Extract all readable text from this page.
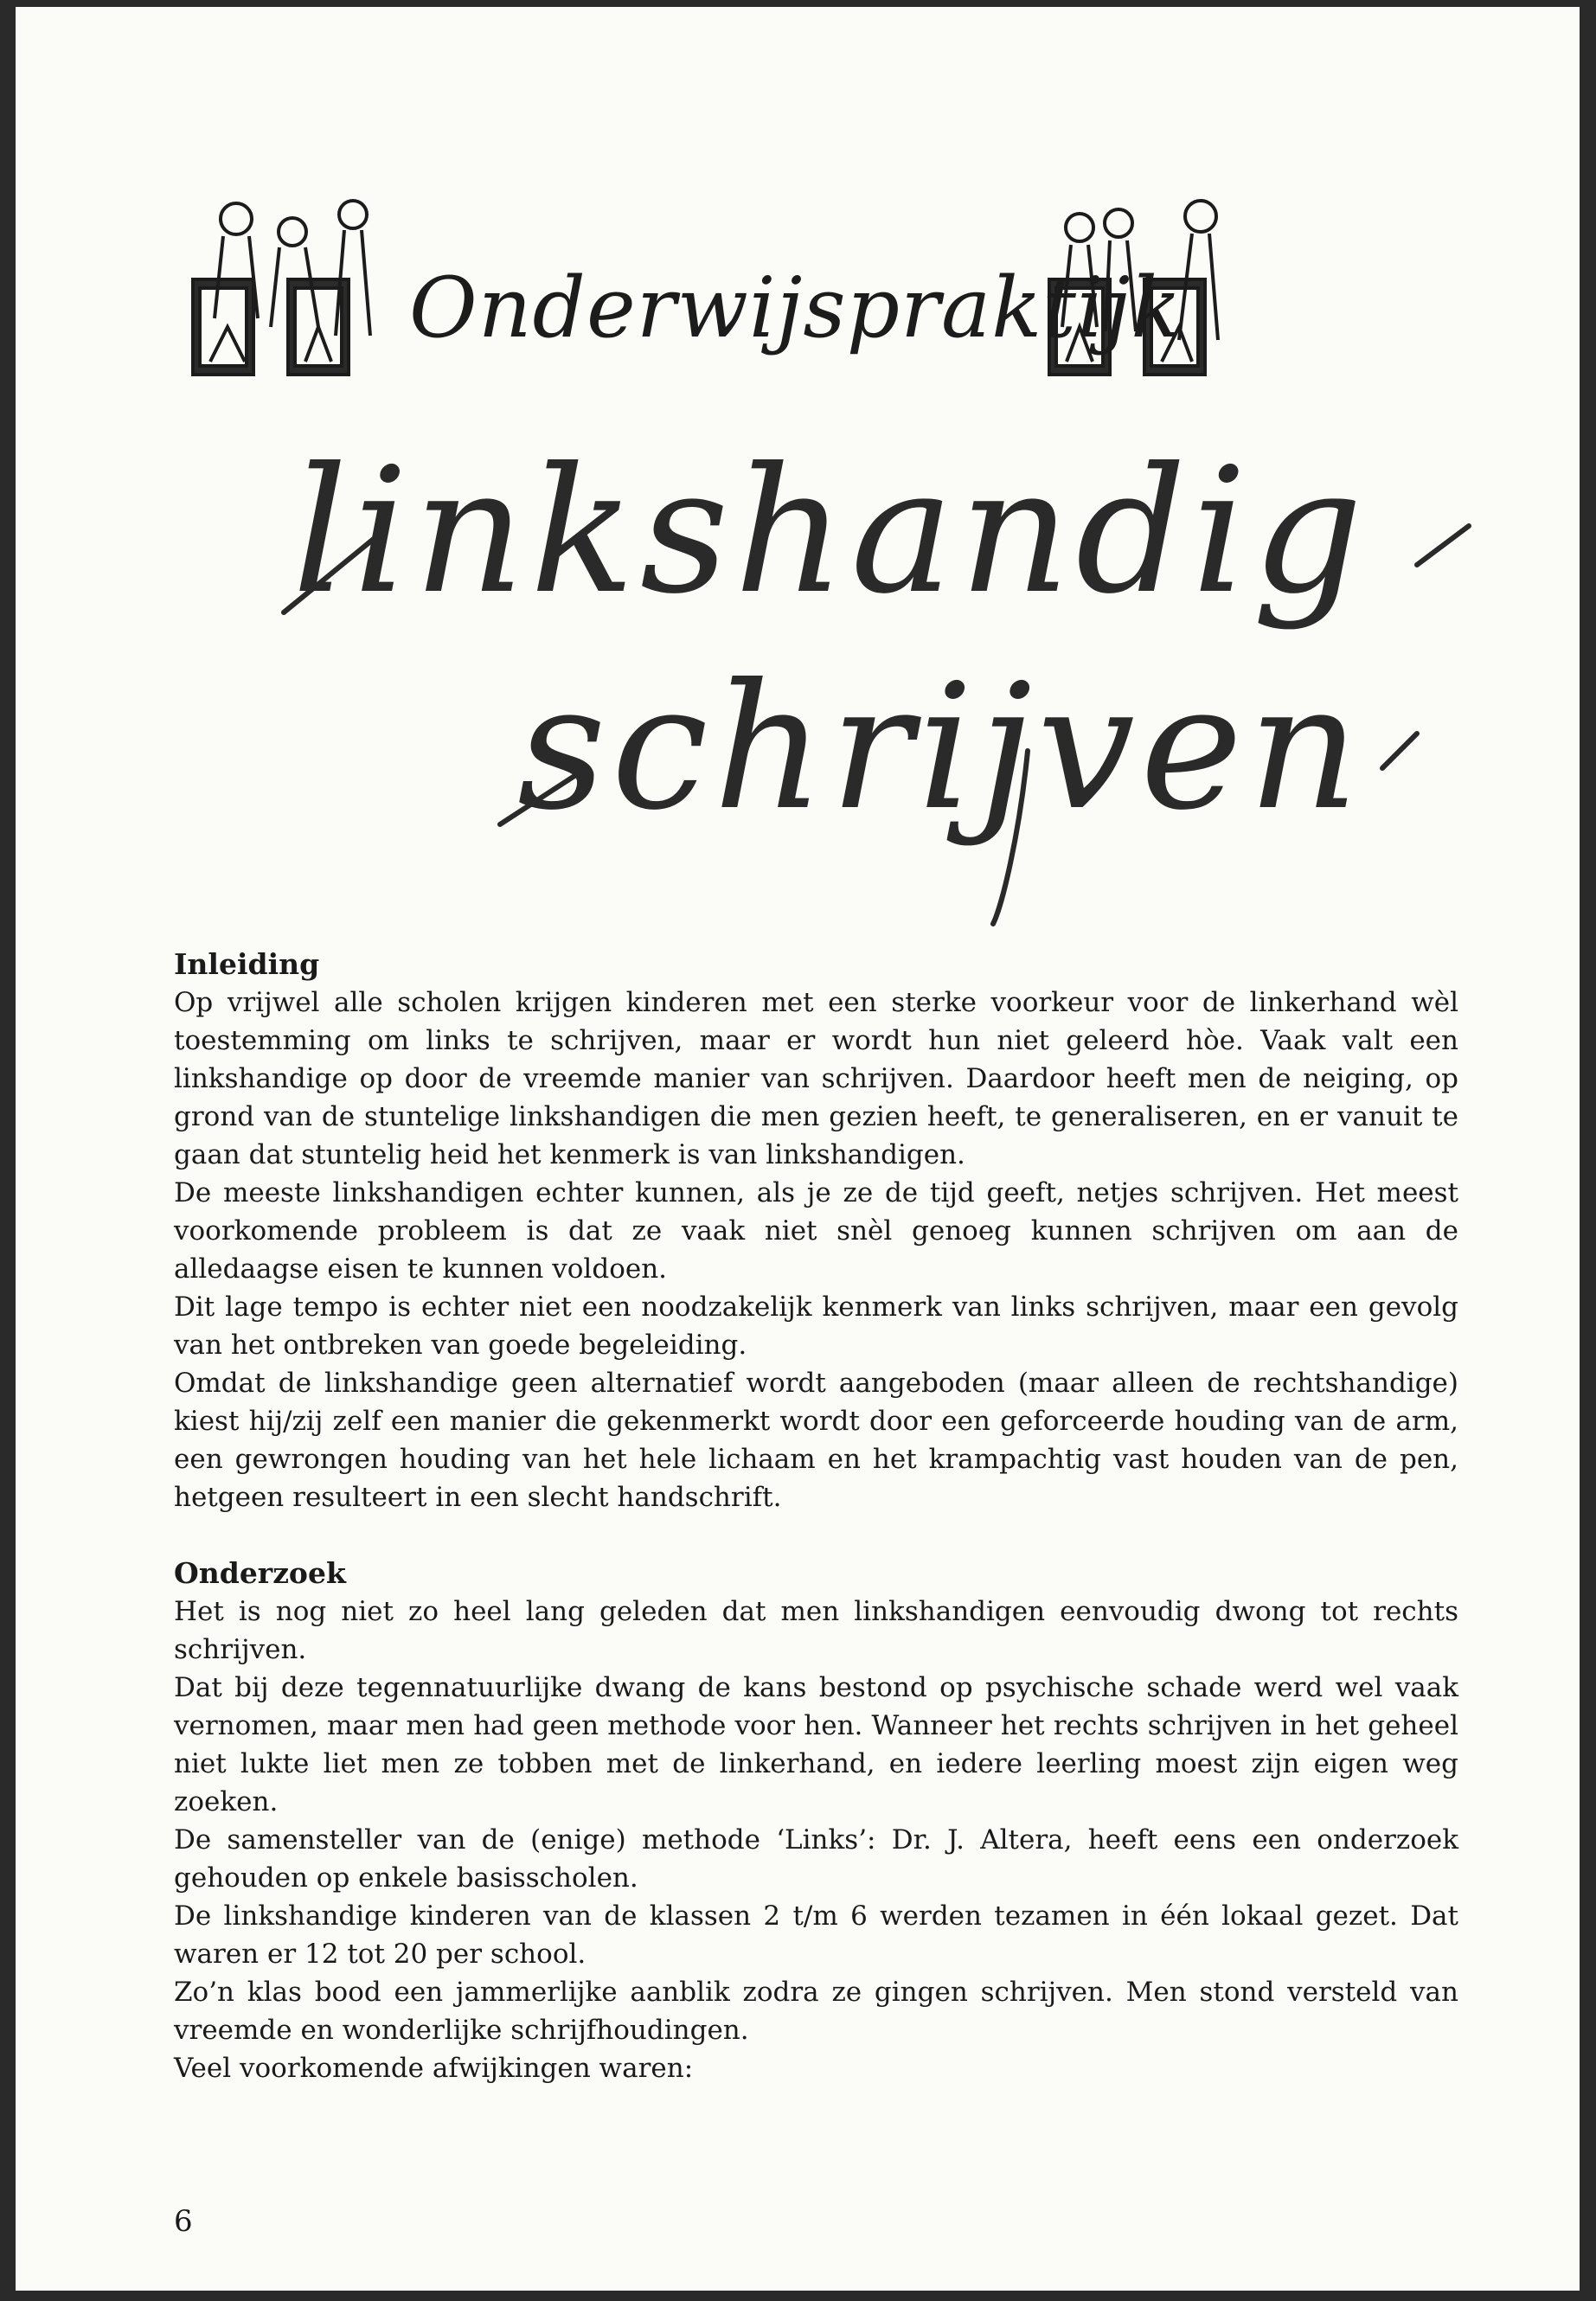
Onderwijspraktijk
linkshandig
schrijven

Inleiding

Op vrijwel alle scholen krijgen kinderen met een sterke voorkeur voor de linkerhand wèl toestemming om links te schrijven, maar er wordt hun niet geleerd hòe. Vaak valt een linkshandige op door de vreemde manier van schrijven. Daardoor heeft men de neiging, op grond van de stuntelige linkshandigen die men gezien heeft, te generaliseren, en er vanuit te gaan dat stuntelig heid het kenmerk is van linkshandigen.

De meeste linkshandigen echter kunnen, als je ze de tijd geeft, netjes schrijven. Het meest voorkomende probleem is dat ze vaak niet snèl genoeg kunnen schrijven om aan de alledaagse eisen te kunnen voldoen.

Dit lage tempo is echter niet een noodzakelijk kenmerk van links schrijven, maar een gevolg van het ontbreken van goede begeleiding.

Omdat de linkshandige geen alternatief wordt aangeboden (maar alleen de rechtshandige) kiest hij/zij zelf een manier die gekenmerkt wordt door een geforceerde houding van de arm, een gewrongen houding van het hele lichaam en het krampachtig vast houden van de pen, hetgeen resulteert in een slecht handschrift.

Onderzoek

Het is nog niet zo heel lang geleden dat men linkshandigen eenvoudig dwong tot rechts schrijven.

Dat bij deze tegennatuurlijke dwang de kans bestond op psychische schade werd wel vaak vernomen, maar men had geen methode voor hen. Wanneer het rechts schrijven in het geheel niet lukte liet men ze tobben met de linkerhand, en iedere leerling moest zijn eigen weg zoeken.

De samensteller van de (enige) methode ‘Links’: Dr. J. Altera, heeft eens een onderzoek gehouden op enkele basisscholen.

De linkshandige kinderen van de klassen 2 t/m 6 werden tezamen in één lokaal gezet. Dat waren er 12 tot 20 per school.

Zo’n klas bood een jammerlijke aanblik zodra ze gingen schrijven. Men stond versteld van vreemde en wonderlijke schrijfhoudingen.

Veel voorkomende afwijkingen waren:

6
